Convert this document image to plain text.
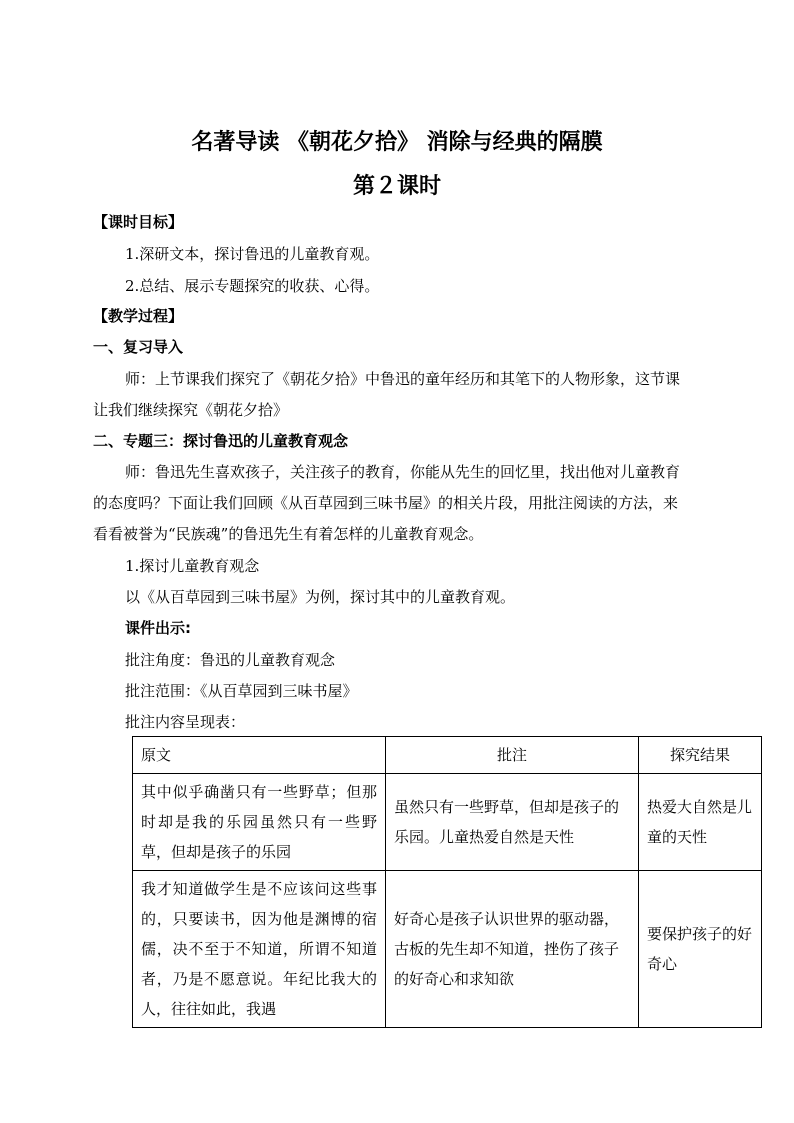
名著导读 《朝花夕拾》 消除与经典的隔膜
第２课时
【课时目标】
1.深研文本，探讨鲁迅的儿童教育观。
2.总结、展示专题探究的收获、心得。
【教学过程】
一、复习导入
师：上节课我们探究了《朝花夕拾》中鲁迅的童年经历和其笔下的人物形象，这节课
让我们继续探究《朝花夕拾》
二、专题三：探讨鲁迅的儿童教育观念
师：鲁迅先生喜欢孩子，关注孩子的教育，你能从先生的回忆里，找出他对儿童教育
的态度吗？下面让我们回顾《从百草园到三味书屋》的相关片段，用批注阅读的方法，来
看看被誉为“民族魂”的鲁迅先生有着怎样的儿童教育观念。
1.探讨儿童教育观念
以《从百草园到三味书屋》为例，探讨其中的儿童教育观。
课件出示:
批注角度：鲁迅的儿童教育观念
批注范围：《从百草园到三味书屋》
批注内容呈现表：
原文	批注	探究结果
其中似乎确凿只有一些野草；但那时却是我的乐园虽然只有一些野草，但却是孩子的乐园	虽然只有一些野草，但却是孩子的乐园。儿童热爱自然是天性	热爱大自然是儿童的天性
我才知道做学生是不应该问这些事的，只要读书，因为他是渊博的宿儒，决不至于不知道，所谓不知道者，乃是不愿意说。年纪比我大的人，往往如此，我遇	好奇心是孩子认识世界的驱动器，古板的先生却不知道，挫伤了孩子的好奇心和求知欲	要保护孩子的好奇心
